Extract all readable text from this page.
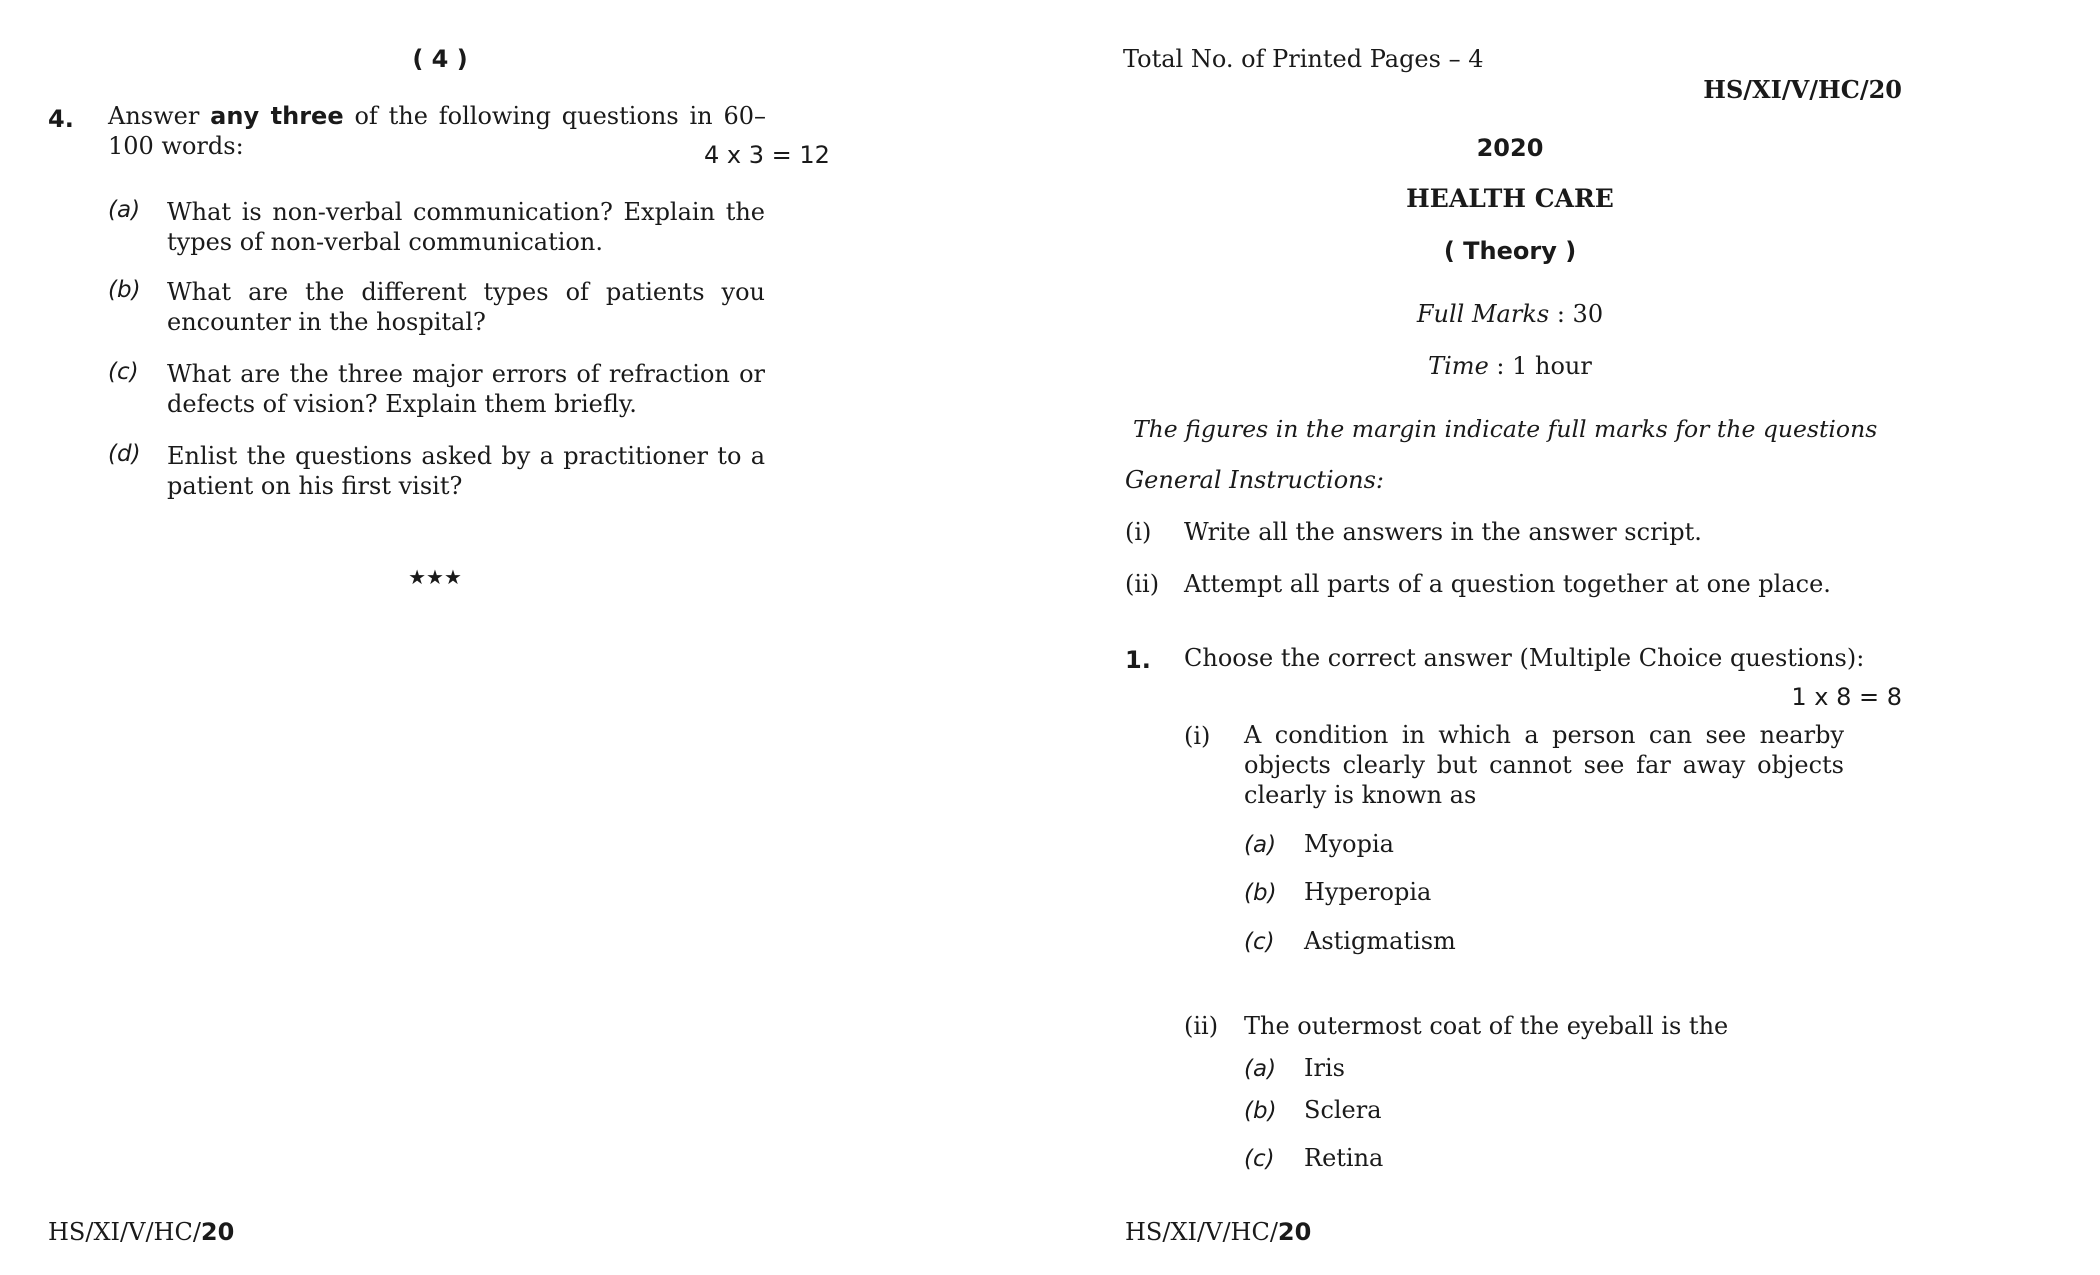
( 4 )
4. Answer any three of the following questions in 60–100 words:	4 x 3 = 12
(a) What is non-verbal communication? Explain the types of non-verbal communication.
(b) What are the different types of patients you encounter in the hospital?
(c) What are the three major errors of refraction or defects of vision? Explain them briefly.
(d) Enlist the questions asked by a practitioner to a patient on his first visit?
★★★
HS/XI/V/HC/20
Total No. of Printed Pages – 4
HS/XI/V/HC/20
2020
HEALTH CARE
( Theory )
Full Marks : 30
Time : 1 hour
The figures in the margin indicate full marks for the questions
General Instructions:
(i) Write all the answers in the answer script.
(ii) Attempt all parts of a question together at one place.
1. Choose the correct answer (Multiple Choice questions):
1 x 8 = 8
(i) A condition in which a person can see nearby objects clearly but cannot see far away objects clearly is known as
(a) Myopia
(b) Hyperopia
(c) Astigmatism
(ii) The outermost coat of the eyeball is the
(a) Iris
(b) Sclera
(c) Retina
HS/XI/V/HC/20
